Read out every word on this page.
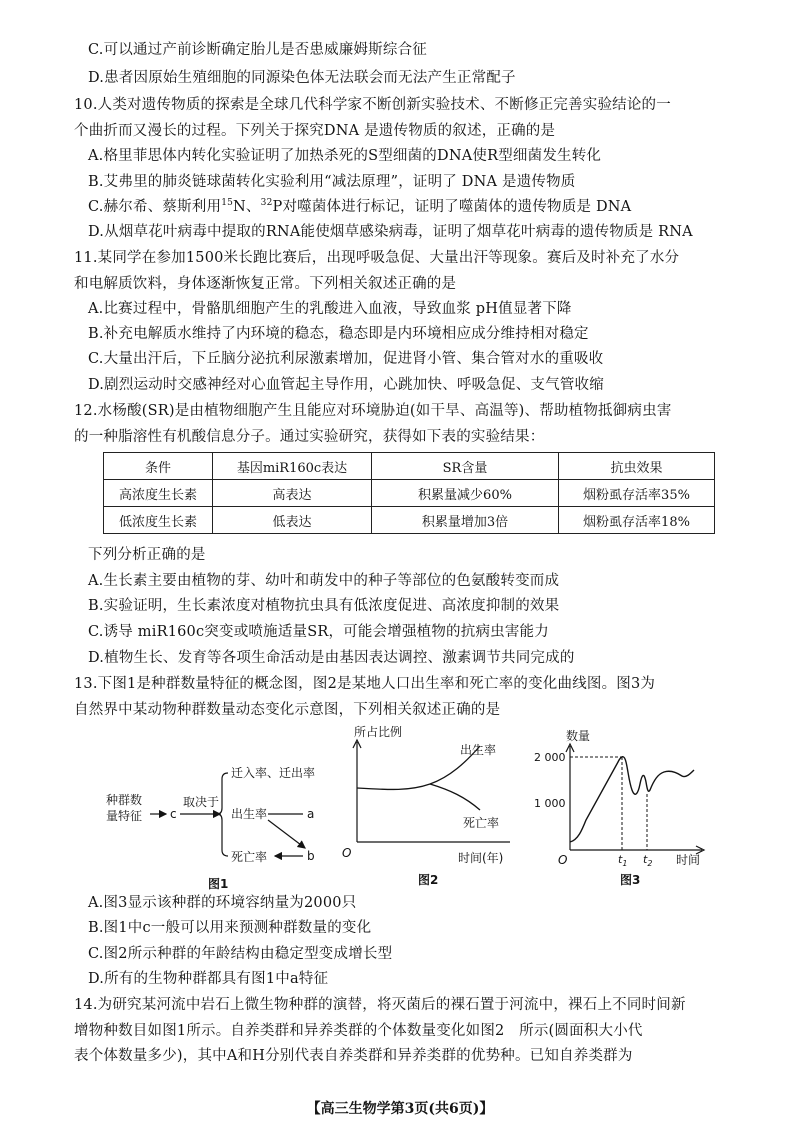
C.可以通过产前诊断确定胎儿是否患威廉姆斯综合征
D.患者因原始生殖细胞的同源染色体无法联会而无法产生正常配子
10.人类对遗传物质的探索是全球几代科学家不断创新实验技术、不断修正完善实验结论的一
个曲折而又漫长的过程。下列关于探究DNA 是遗传物质的叙述，正确的是
A.格里菲思体内转化实验证明了加热杀死的S型细菌的DNA使R型细菌发生转化
B.艾弗里的肺炎链球菌转化实验利用“减法原理”，证明了 DNA 是遗传物质
C.赫尔希、蔡斯利用$^{15}$N、$^{32}$P对噬菌体进行标记，证明了噬菌体的遗传物质是 DNA
D.从烟草花叶病毒中提取的RNA能使烟草感染病毒，证明了烟草花叶病毒的遗传物质是 RNA
11.某同学在参加1500米长跑比赛后，出现呼吸急促、大量出汗等现象。赛后及时补充了水分
和电解质饮料，身体逐渐恢复正常。下列相关叙述正确的是
A.比赛过程中，骨骼肌细胞产生的乳酸进入血液，导致血浆 pH值显著下降
B.补充电解质水维持了内环境的稳态，稳态即是内环境相应成分维持相对稳定
C.大量出汗后，下丘脑分泌抗利尿激素增加，促进肾小管、集合管对水的重吸收
D.剧烈运动时交感神经对心血管起主导作用，心跳加快、呼吸急促、支气管收缩
12.水杨酸(SR)是由植物细胞产生且能应对环境胁迫(如干旱、高温等)、帮助植物抵御病虫害
的一种脂溶性有机酸信息分子。通过实验研究，获得如下表的实验结果：
条件	基因miR160c表达	SR含量	抗虫效果
高浓度生长素	高表达	积累量减少60%	烟粉虱存活率35%
低浓度生长素	低表达	积累量增加3倍	烟粉虱存活率18%
下列分析正确的是
A.生长素主要由植物的芽、幼叶和萌发中的种子等部位的色氨酸转变而成
B.实验证明，生长素浓度对植物抗虫具有低浓度促进、高浓度抑制的效果
C.诱导 miR160c突变或喷施适量SR，可能会增强植物的抗病虫害能力
D.植物生长、发育等各项生命活动是由基因表达调控、激素调节共同完成的
13.下图1是种群数量特征的概念图，图2是某地人口出生率和死亡率的变化曲线图。图3为
自然界中某动物种群数量动态变化示意图，下列相关叙述正确的是
种群数
量特征 c
取决于
迁入率、迁出率
出生率
死亡率
a
b
图1
所占比例
O	时间(年)
出生率
死亡率
图2
数量
2 000
1 000
O	$t_1$ $t_2$ 时间
图3
A.图3显示该种群的环境容纳量为2000只
B.图1中c一般可以用来预测种群数量的变化
C.图2所示种群的年龄结构由稳定型变成增长型
D.所有的生物种群都具有图1中a特征
14.为研究某河流中岩石上微生物种群的演替，将灭菌后的裸石置于河流中，裸石上不同时间新
增物种数目如图1所示。自养类群和异养类群的个体数量变化如图2　所示(圆面积大小代
表个体数量多少)，其中A和H分别代表自养类群和异养类群的优势种。已知自养类群为
【高三生物学第3页(共6页)】
